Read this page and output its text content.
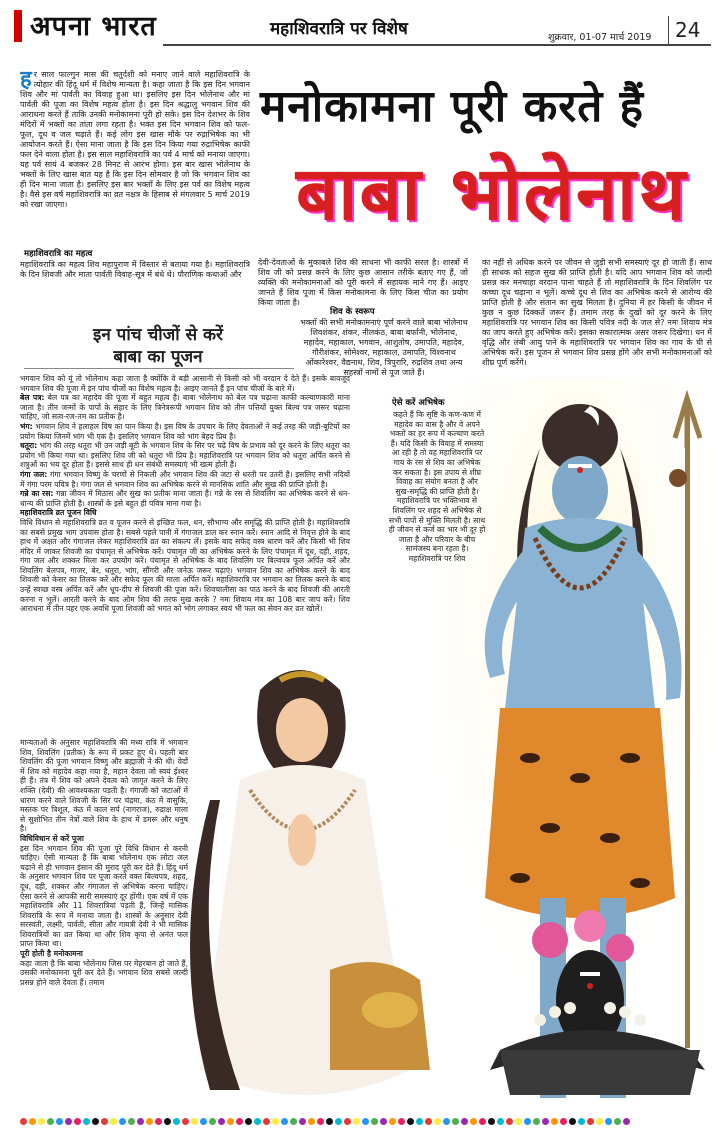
अपना भारत	महाशिवरात्रि पर विशेष	शुक्रवार, 01-07 मार्च 2019 24
मनोकामना पूरी करते हैं
बाबा भोलेनाथ
हर साल फाल्गुन मास की चतुर्दशी को मनाए जाने वाले महाशिवरात्रि के त्योहार की हिंदू धर्म में विशेष मान्यता है। कहा जाता है कि इस दिन भगवान शिव और मां पार्वती का विवाह हुआ था। इसलिए इस दिन भोलेनाथ और मां पार्वती की पूजा का विशेष महत्व होता है। इस दिन श्रद्धालु भगवान शिव की आराधना करते हैं ताकि उनकी मनोकामना पूरी हो सके। इस दिन देशभर के शिव मंदिरों में भक्तों का तांता लगा रहता है। भक्त इस दिन भगवान शिव को फल-फूल, दूध व जल चढ़ाते हैं। कई लोग इस खास मौके पर रुद्राभिषेक का भी आयोजन करते हैं। ऐसा माना जाता है कि इस दिन किया गया रुद्राभिषेक काफी फल देने वाला होता है। इस साल महाशिवरात्रि का पर्व 4 मार्च को मनाया जाएगा। यह पर्व सायं 4 बजकर 28 मिनट से आरंभ होगा। इस बार खास भोलेनाथ के भक्तों के लिए खास बात यह है कि इस दिन सोमवार है जो कि भगवान शिव का ही दिन माना जाता है। इसलिए इस बार भक्तों के लिए इस पर्व का विशेष महत्व है। वैसे इस वर्ष महाशिवरात्रि का व्रत नक्षत्र के हिसाब से मंगलवार 5 मार्च 2019 को रखा जाएगा।
महाशिवरात्रि का महत्व
महाशिवरात्रि का महत्व शिव महापुराण में विस्तार से बताया गया है। महाशिवरात्रि के दिन शिवजी और माता पार्वती विवाह-सूत्र में बंधे थे। पौराणिक कथाओं और
देवी-देवताओं के मुकाबले शिव की साधना भी काफी सरल है। शास्त्रों में शिव जी को प्रसन्न करने के लिए कुछ आसान तरीके बताए गए हैं, जो व्यक्ति की मनोकामनाओं को पूरी करने में सहायक माने गए हैं। आइए जानते हैं शिव पूजा में किस मनोकामना के लिए किस चीज का प्रयोग किया जाता है।
शिव के स्वरूप
भक्तों की सभी मनोकामनाएं पूर्ण करने वाले बाबा भोलेनाथ शिवशंकर, शंकर, नीलकंठ, बाबा बर्फानी, भोलेनाथ, महादेव, महाकाल, भगवान, आशुतोष, उमापति, महादेव, गौरीशंकर, सोमेश्वर, महाकाल, उमापति, विश्वनाथ ओंकारेश्वर, वैद्यनाथ, शिव, त्रिपुरारि, रुद्रशिव तथा अन्य सहस्त्रों नामों से पूज जाते हैं।
का नहीं से अधिक करने पर जीवन से जुड़ी सभी समस्याएं दूर हो जाती हैं। साथ ही साधक को सहज सुख की प्राप्ति होती है। यदि आप भगवान शिव को जल्दी प्रसन्न कर मनचाहा वरदान पाना चाहते हैं तो महाशिवरात्रि के दिन शिवलिंग पर कच्चा दूध चढ़ाना न भूलें। कच्चे दूध से शिव का अभिषेक करने से आरोग्य की प्राप्ति होती है और संतान का सुख मिलता है। दुनिया में हर किसी के जीवन में कुछ न कुछ दिक्कतें जरूर हैं। तमाम तरह के दुखों को दूर करने के लिए महाशिवरात्रि पर भगवान शिव का किसी पवित्र नदी के जल से? नमः शिवाय मंत्र का जाप करते हुए अभिषेक करें। इसका सकारात्मक असर जरूर दिखेगा। धन में वृद्धि और लंबी आयु पाने के महाशिवरात्रि पर भगवान शिव का गाय के घी से अभिषेक करें। इस पूजन से भगवान शिव प्रसन्न होंगे और सभी मनोकामनाओं को शीघ्र पूर्ण करेंगे।
इन पांच चीजों से करें
बाबा का पूजन
भगवान शिव को यूं तो भोलेनाथ कहा जाता है क्योंकि वे बड़ी आसानी से किसी को भी वरदान दे देते हैं। इसके बावजूद भगवान शिव की पूजा में इन पांच चीजों का विशेष महत्व है। आइए जानते हैं इन पांच चीजों के बारे में।
बेल पत्र: बेल पत्र का महादेव की पूजा में बहुत महत्व है। बाबा भोलेनाथ को बेल पत्र चढ़ाना काफी कल्याणकारी माना जाता है। तीन जन्मों के पापों के संहार के लिए त्रिनेत्ररूपी भगवान शिव को तीन पत्तियों युक्त बिल्व पत्र जरूर चढ़ाना चाहिए, जो सत्व-रज-तम का प्रतीक है।
भंग: भगवान शिव ने हलाहल विष का पान किया है। इस विष के उपचार के लिए देवताओं ने कई तरह की जड़ी-बूटियों का प्रयोग किया जिनमें भांग भी एक है। इसलिए भगवान शिव को भांग बेहद प्रिय है।
धतूरा: भांग की तरह धतूरा भी उन जड़ी बूटी के भगवान शिव के सिर पर चढ़े विष के प्रभाव को दूर करने के लिए धतूरा का प्रयोग भी किया गया था। इसलिए शिव जी को धतूरा भी प्रिय है। महाशिवरात्रि पर भगवान शिव को धतूरा अर्पित करने से शत्रुओं का भय दूर होता है। इससे साथ ही धन संबंधी समस्याएं भी खत्म होती हैं।
गंगा जल: गंगा भगवान विष्णु के चरणों से निकली और भगवान शिव की जटा से धरती पर उतरी है। इसलिए सभी नदियों में गंगा परम पवित्र है। गंगा जल से भगवान शिव का अभिषेक करने से मानसिक शांति और सुख की प्राप्ति होती है।
गन्ने का रस: गन्ना जीवन में मिठास और सुख का प्रतीक माना जाता है। गन्ने के रस से शिवलिंग का अभिषेक करने से धन-धान्य की प्राप्ति होती है। शास्त्रों के इसे बहुत ही पवित्र माना गया है।
महाशिवरात्रि व्रत पूजन विधि
विधि विधान से महाशिवरात्रि व्रत व पूजन करने से इच्छित फल, धन, सौभाग्य और समृद्धि की प्राप्ति होती है। महाशिवरात्रि का सबसे प्रमुख भाग उपवास होता है। सबसे पहले पानी में गंगाजल डाल कर स्नान करें। स्नान आदि से निवृत्त होने के बाद हाथ में अक्षत और गंगाजल लेकर महाशिवरात्रि व्रत का संकल्प लें। इसके बाद सफेद वस्त्र धारण करें और किसी भी शिव मंदिर में जाकर शिवजी का पंचामृत से अभिषेक करें। पंचामृत जी का अभिषेक करने के लिए पंचामृत में दूध, दही, शहद, गंगा जल और शक्कर मिला कर उपयोग करें। पंचामृत से अभिषेक के बाद शिवलिंग पर बिल्वपत्र फूल अर्पित करें और शिवलिंग बेलपत्र, गाजर, बेर, धतूरा, भांग, सौंगरी और जनेऊ जरूर चढ़ाएं। भगवान शिव का अभिषेक करने के बाद शिवजी को केसर का तिलक करें और सफेद फूल की माला अर्पित करें। महाशिवरात्रि पर भगवान का तिलक करने के बाद उन्हें स्वच्छ वस्त्र अर्पित करें और धूप-दीप से शिवजी की पूजा करें। शिवचालीसा का पाठ करने के बाद शिवजी की आरती करना न भूलें। आरती करने के बाद ओम शिव की तरफ मुख करके ? नमः शिवाय मंत्र का 108 बार जाप करें। शिव आराधना में तीन पहर एक अवधि पूजा शिवजी को भगत को भोग लगाकर स्वयं भी फल का सेवन कर व्रत खोलें।
ऐसे करें अभिषेक
कहते हैं कि सृष्टि के कण-कण में महादेव का वास है और वे अपने भक्तों का हर रूप में कल्याण करते हैं। यदि किसी के विवाह में समस्या आ रही है तो वह महाशिवरात्रि पर गाय के रस से शिव का अभिषेक कर सकता है। इस उपाय से शीघ्र विवाह का संयोग बनता है और सुख-समृद्धि की प्राप्ति होती है। महाशिवरात्रि पर भक्तिभाव से शिवलिंग पर शहद से अभिषेक से सभी पापों से मुक्ति मिलती है। साथ ही जीवन से कर्ज का भार भी दूर हो जाता है और परिवार के बीच सामंजस्य बना रहता है। महाशिवरात्रि पर शिव
मान्यताओं के अनुसार महाशिवरात्रि की मध्य रात्रि में भगवान शिव, शिवलिंग (प्रतीक) के रूप में प्रकट हुए थे। पहली बार शिवलिंग की पूजा भगवान विष्णु और ब्रह्माजी ने की थी। वेदों में शिव को महादेव कहा गया है, महान देवता जो स्वयं ईश्वर ही हैं। तंत्र में शिव को अपने देवत्व को जागृत करने के लिए शक्ति (देवी) की आवश्यकता पड़ती है। गंगाजी को जटाओं में धारण करने वाले शिवजी के सिर पर चंद्रमा, कंठ में वासुकि, मस्तक पर त्रिशूल, कंठ में काल सर्प (नागराज), रुद्राक्ष माला से सुशोभित तीन नेत्रों वाले शिव के हाथ में डमरू और धनुष है।
विधिविधान से करें पूजा
इस दिन भगवान शिव की पूजा पूरे विधि विधान से करनी चाहिए। ऐसी मान्यता है कि बाबा भोलेनाथ एक लोटा जल चढ़ाने से ही भगवान इंसान की मुराद पूरी कर देते हैं। हिंदू धर्म के अनुसार भगवान शिव पर पूजा करते वक्त बिल्वपत्र, शहद, दूध, दही, शक्कर और गंगाजल से अभिषेक करना चाहिए। ऐसा करने से आपकी सारी समस्याएं दूर होंगी। एक वर्ष में एक महाशिवरात्रि और 11 शिवरात्रियां पड़ती हैं, जिन्हें मासिक शिवरात्रि के रूप में मनाया जाता है। शास्त्रों के अनुसार देवी सरस्वती, लक्ष्मी, पार्वती, सीता और गायत्री देवी ने भी मासिक शिवरात्रियों का व्रत किया था और शिव कृपा से अनंत फल प्राप्त किया था।
पूरी होती है मनोकामना
कहा जाता है कि बाबा भोलेनाथ जिस पर मेहरबान हो जाते हैं, उसकी मनोकामना पूरी कर देते हैं। भगवान शिव सबसे जल्दी प्रसन्न होने वाले देवता हैं। तमाम
